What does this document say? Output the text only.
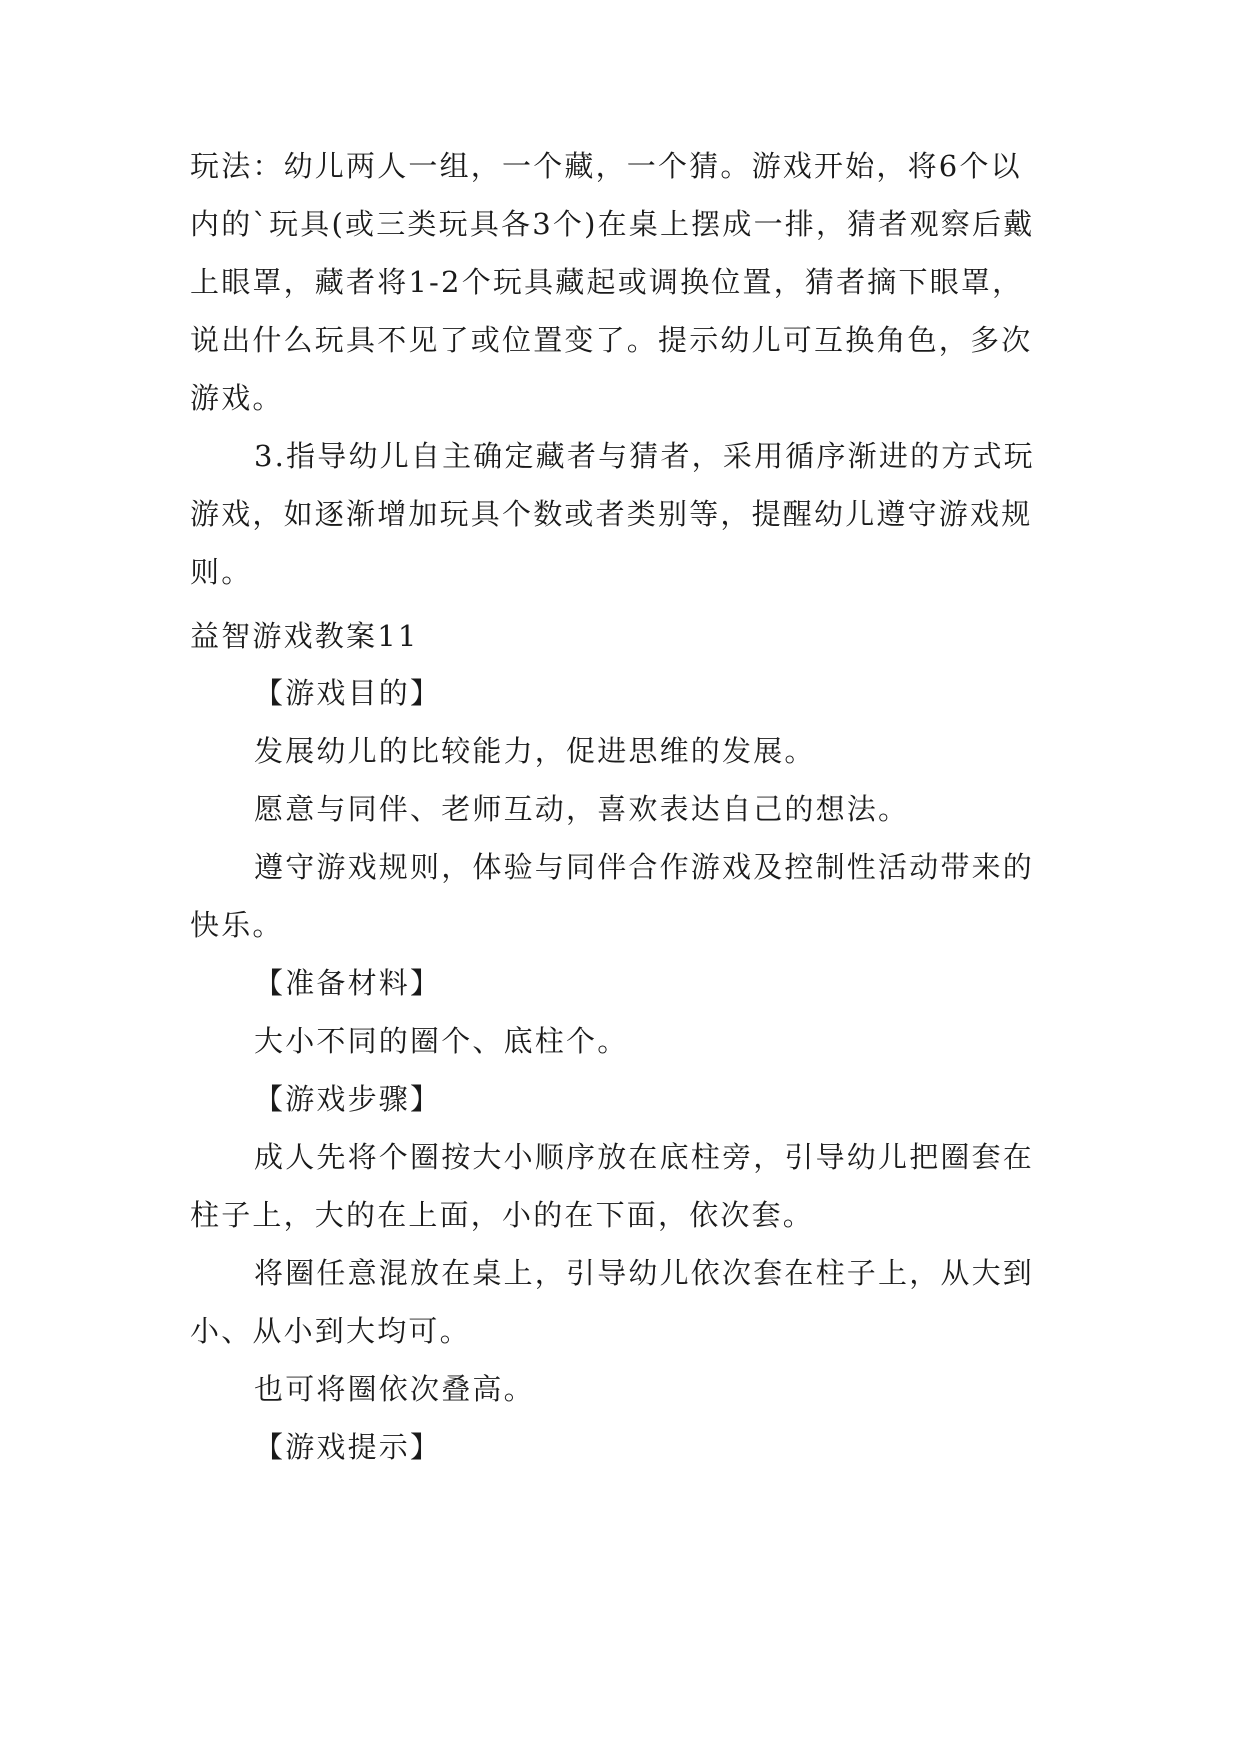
玩法：幼儿两人一组，一个藏，一个猜。游戏开始，将6个以内的`玩具(或三类玩具各3个)在桌上摆成一排，猜者观察后戴上眼罩，藏者将1-2个玩具藏起或调换位置，猜者摘下眼罩，说出什么玩具不见了或位置变了。提示幼儿可互换角色，多次游戏。

3.指导幼儿自主确定藏者与猜者，采用循序渐进的方式玩游戏，如逐渐增加玩具个数或者类别等，提醒幼儿遵守游戏规则。

益智游戏教案11

【游戏目的】

发展幼儿的比较能力，促进思维的发展。

愿意与同伴、老师互动，喜欢表达自己的想法。

遵守游戏规则，体验与同伴合作游戏及控制性活动带来的快乐。

【准备材料】

大小不同的圈个、底柱个。

【游戏步骤】

成人先将个圈按大小顺序放在底柱旁，引导幼儿把圈套在柱子上，大的在上面，小的在下面，依次套。

将圈任意混放在桌上，引导幼儿依次套在柱子上，从大到小、从小到大均可。

也可将圈依次叠高。

【游戏提示】
